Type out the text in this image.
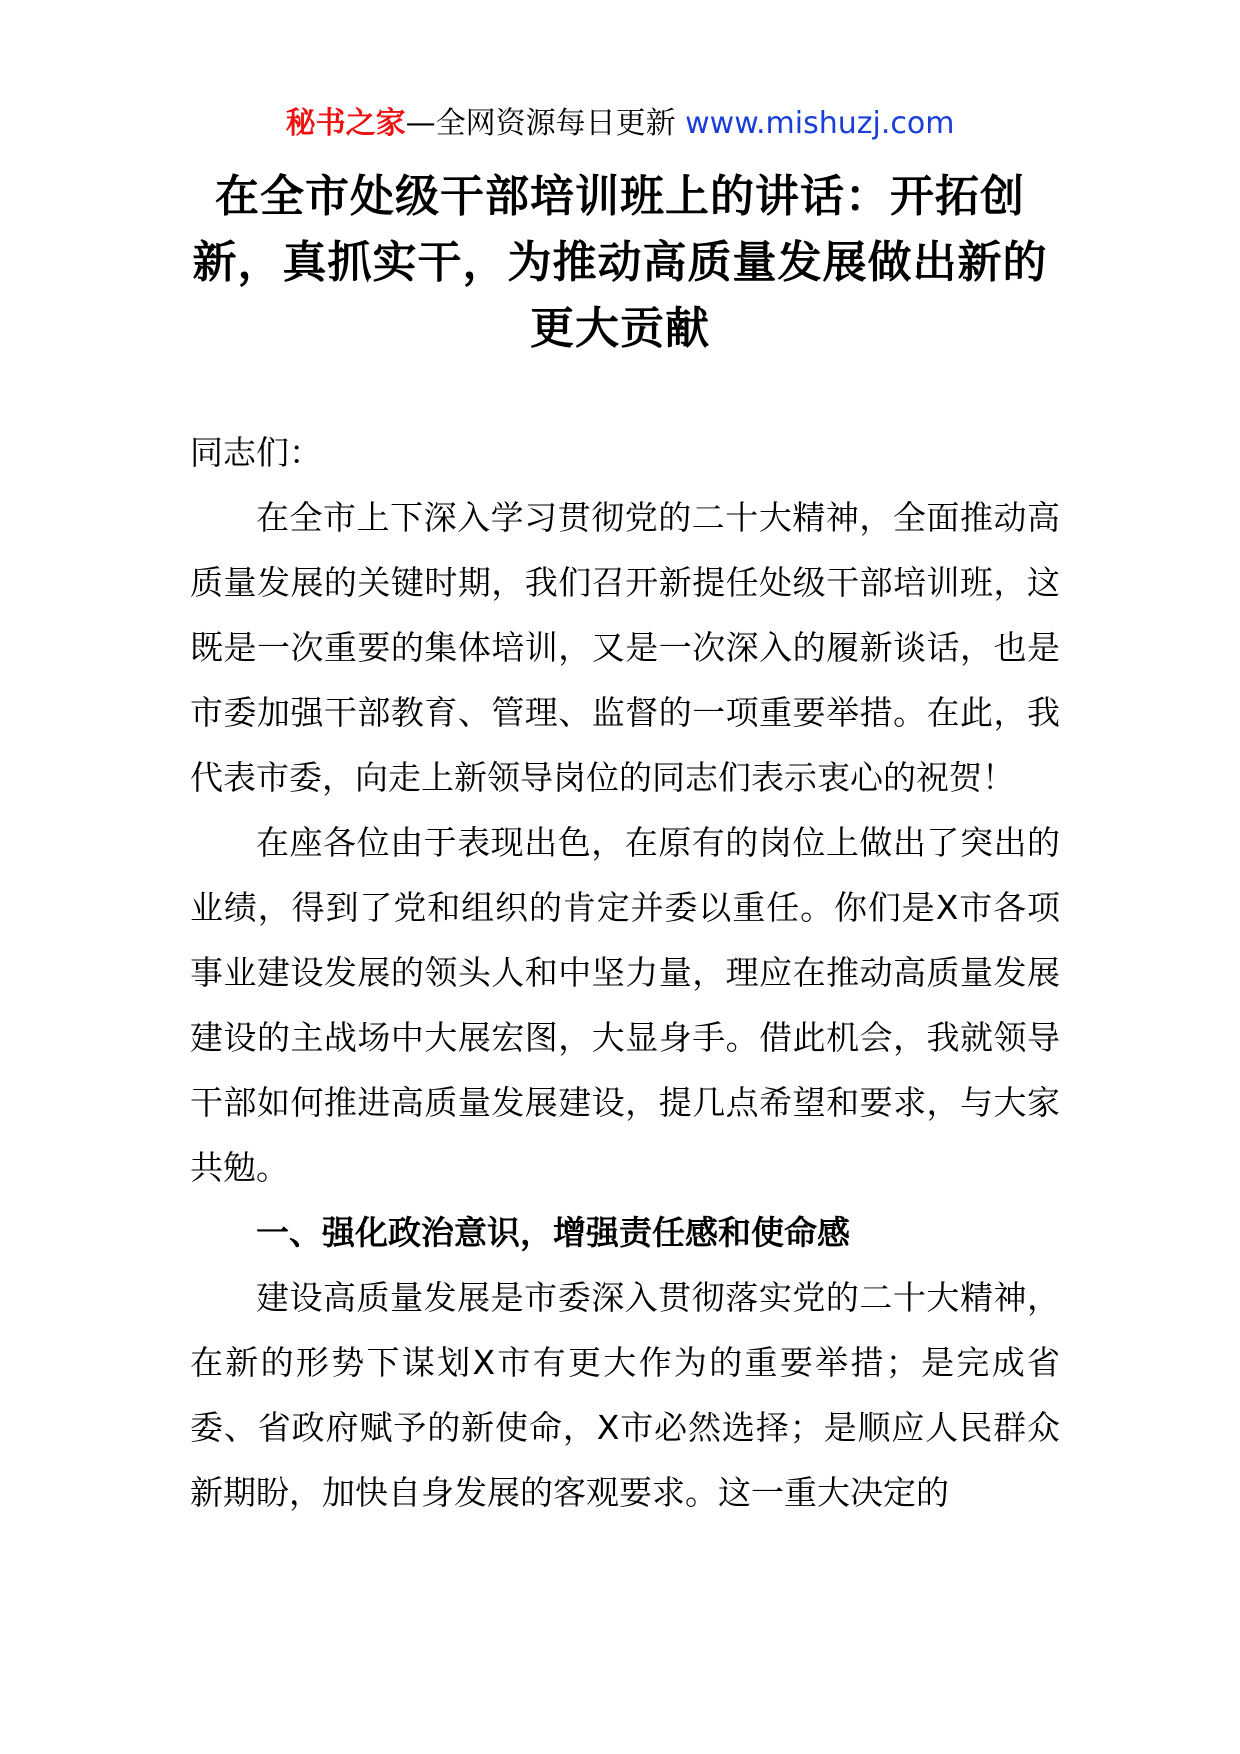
秘书之家—全网资源每日更新 www.mishuzj.com
在全市处级干部培训班上的讲话：开拓创新，真抓实干，为推动高质量发展做出新的更大贡献

同志们：

在全市上下深入学习贯彻党的二十大精神，全面推动高质量发展的关键时期，我们召开新提任处级干部培训班，这既是一次重要的集体培训，又是一次深入的履新谈话，也是市委加强干部教育、管理、监督的一项重要举措。在此，我代表市委，向走上新领导岗位的同志们表示衷心的祝贺！

在座各位由于表现出色，在原有的岗位上做出了突出的业绩，得到了党和组织的肯定并委以重任。你们是X市各项事业建设发展的领头人和中坚力量，理应在推动高质量发展建设的主战场中大展宏图，大显身手。借此机会，我就领导干部如何推进高质量发展建设，提几点希望和要求，与大家共勉。

一、强化政治意识，增强责任感和使命感

建设高质量发展是市委深入贯彻落实党的二十大精神，在新的形势下谋划X市有更大作为的重要举措；是完成省委、省政府赋予的新使命，X市必然选择；是顺应人民群众新期盼，加快自身发展的客观要求。这一重大决定的
